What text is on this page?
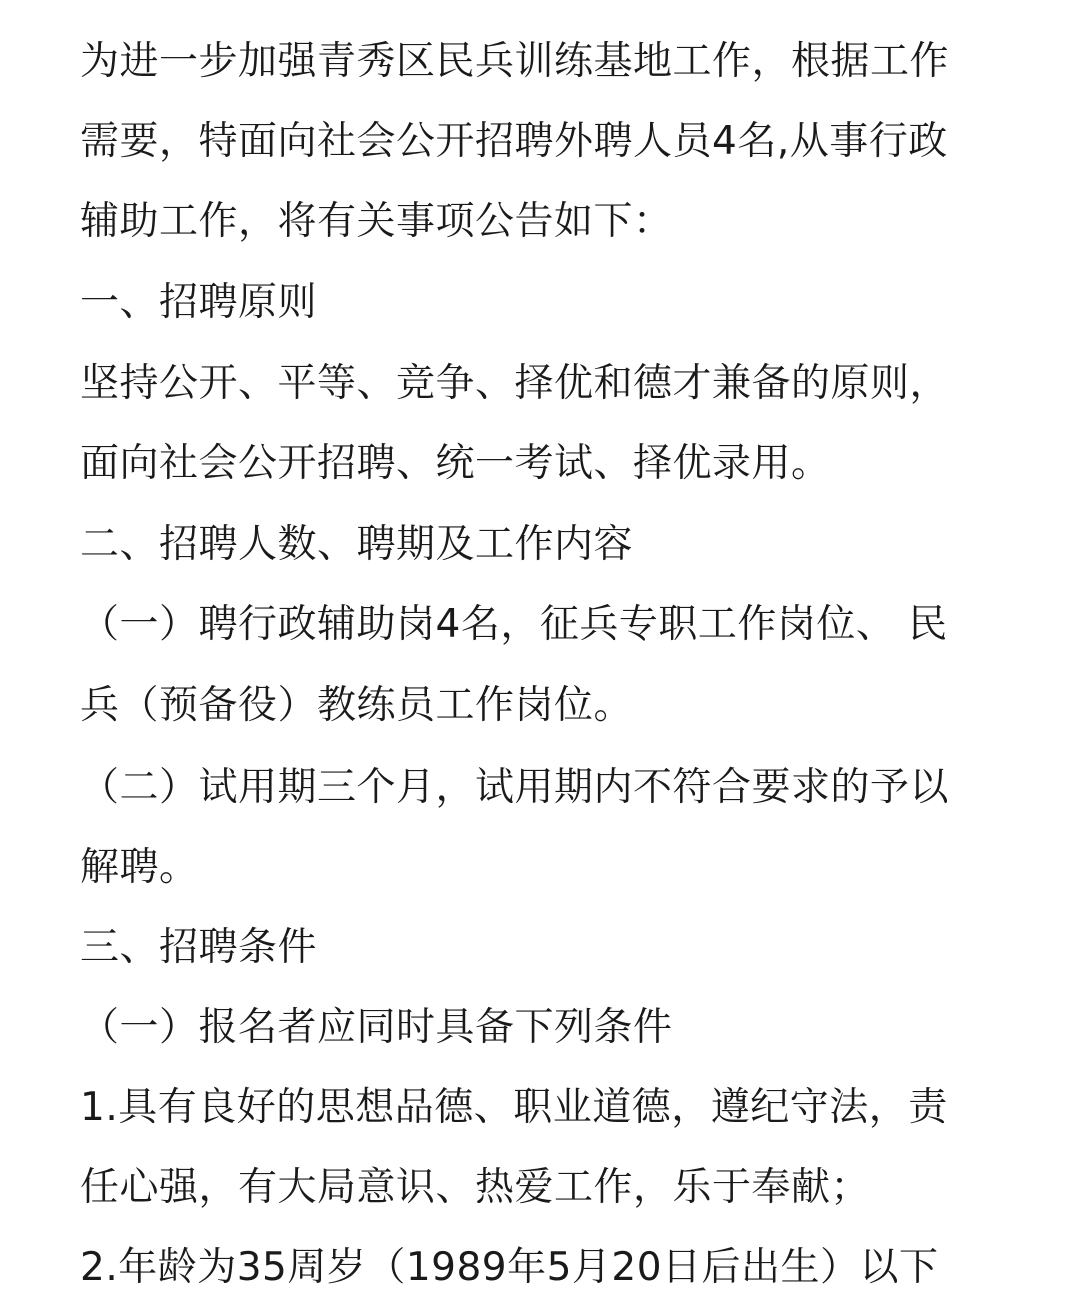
为进一步加强青秀区民兵训练基地工作，根据工作
需要，特面向社会公开招聘外聘人员4名,从事行政
辅助工作，将有关事项公告如下：
一、招聘原则
坚持公开、平等、竞争、择优和德才兼备的原则，
面向社会公开招聘、统一考试、择优录用。
二、招聘人数、聘期及工作内容
（一）聘行政辅助岗4名，征兵专职工作岗位、 民
兵（预备役）教练员工作岗位。
（二）试用期三个月，试用期内不符合要求的予以
解聘。
三、招聘条件
（一）报名者应同时具备下列条件
1.具有良好的思想品德、职业道德，遵纪守法，责
任心强，有大局意识、热爱工作，乐于奉献；
2.年龄为35周岁（1989年5月20日后出生）以下
